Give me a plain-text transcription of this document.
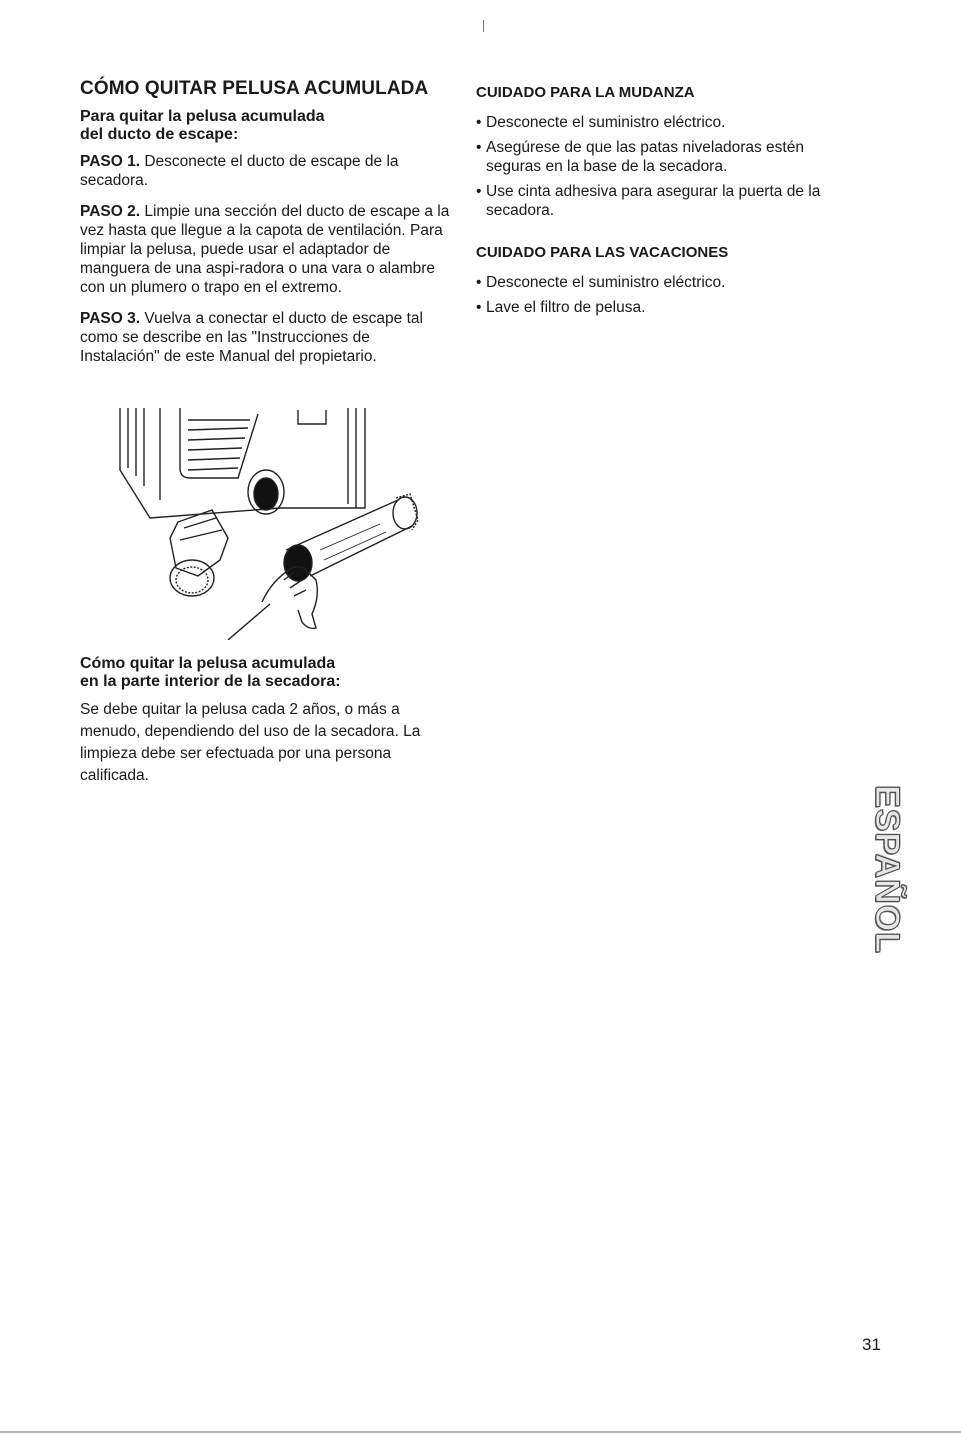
CÓMO QUITAR PELUSA ACUMULADA
Para quitar la pelusa acumulada
del ducto de escape:

PASO 1. Desconecte el ducto de escape de la secadora.

PASO 2. Limpie una sección del ducto de escape a la vez hasta que llegue a la capota de ventilación. Para limpiar la pelusa, puede usar el adaptador de manguera de una aspi-radora o una vara o alambre con un plumero o trapo en el extremo.

PASO 3. Vuelva a conectar el ducto de escape tal como se describe en las "Instrucciones de Instalación" de este Manual del propietario.

Cómo quitar la pelusa acumulada
en la parte interior de la secadora:

Se debe quitar la pelusa cada 2 años, o más a menudo, dependiendo del uso de la secadora. La limpieza debe ser efectuada por una persona calificada.

CUIDADO PARA LA MUDANZA
• Desconecte el suministro eléctrico.
• Asegúrese de que las patas niveladoras estén seguras en la base de la secadora.
• Use cinta adhesiva para asegurar la puerta de la secadora.
CUIDADO PARA LAS VACACIONES
• Desconecte el suministro eléctrico.
• Lave el filtro de pelusa.
ESPAÑOL
31
